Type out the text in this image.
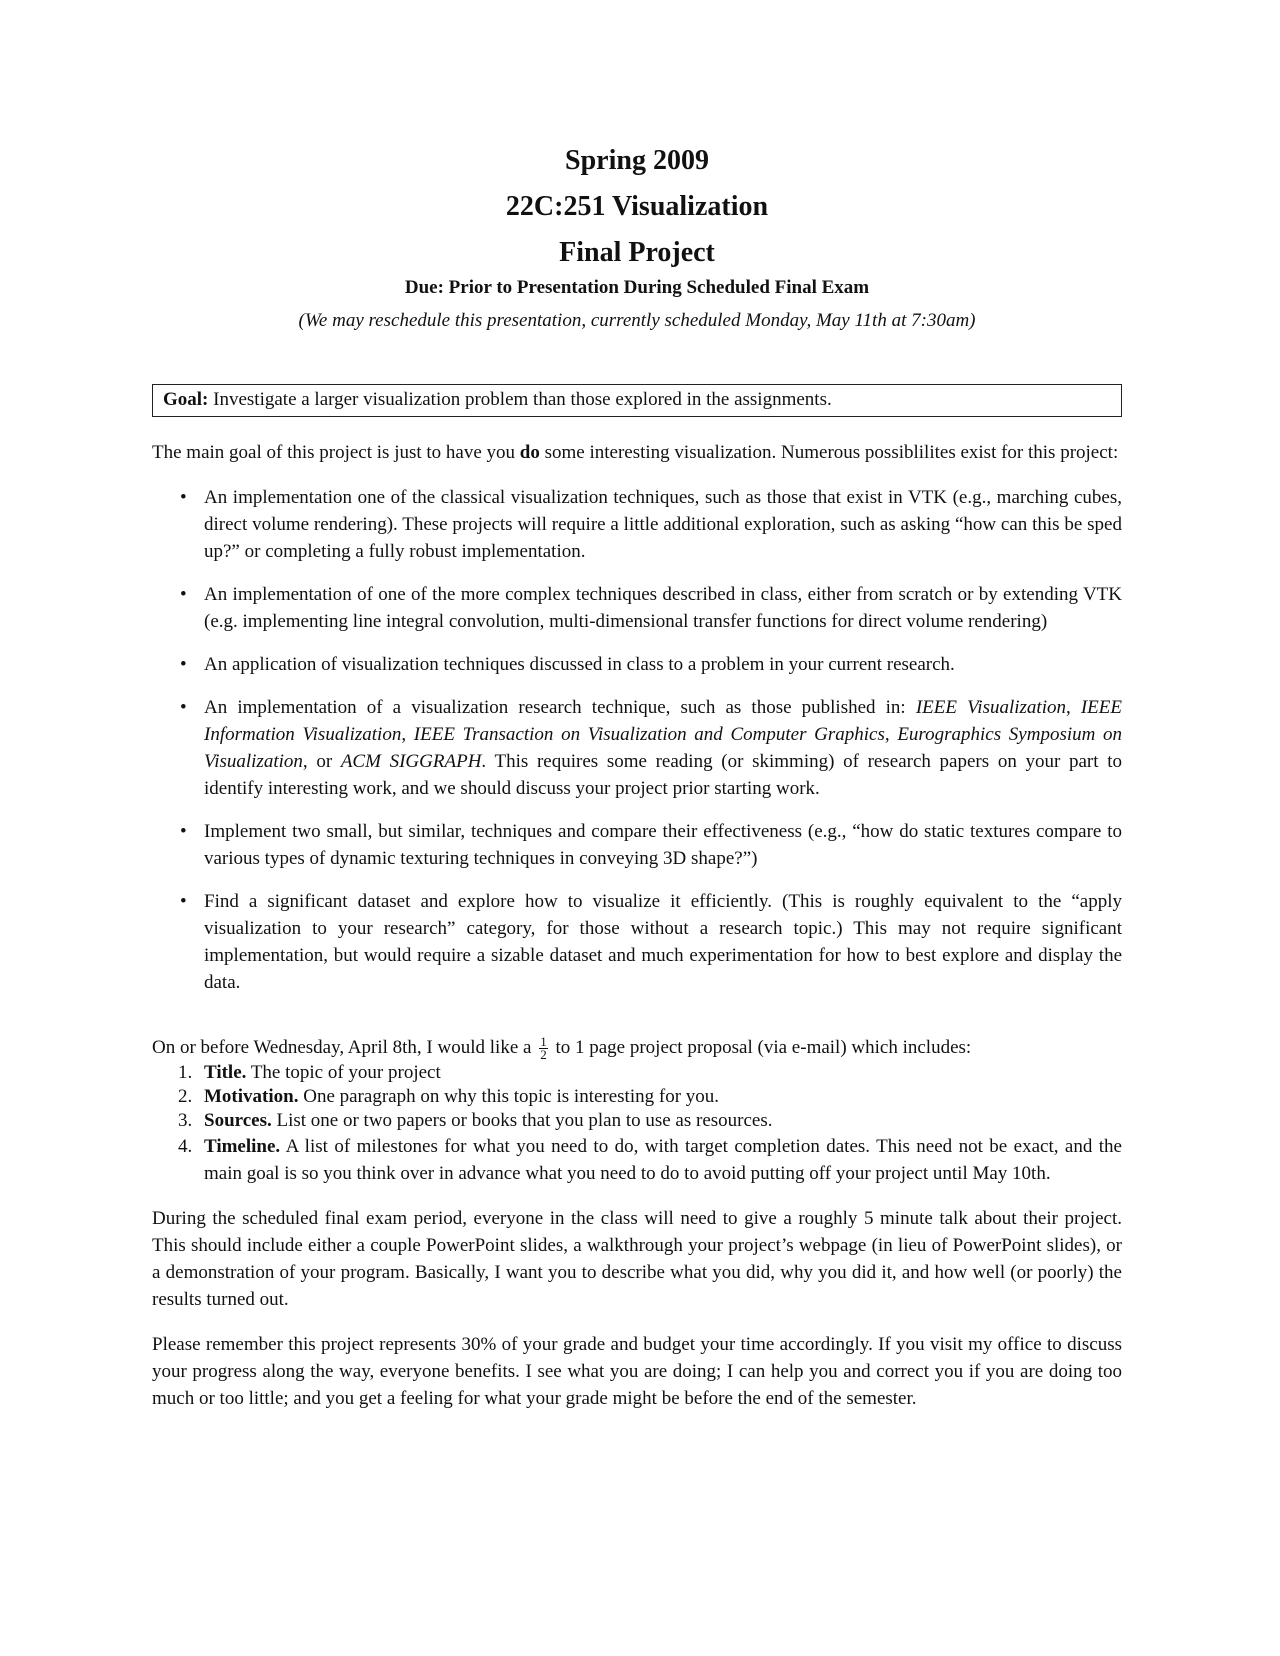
Spring 2009
22C:251 Visualization
Final Project
Due: Prior to Presentation During Scheduled Final Exam
(We may reschedule this presentation, currently scheduled Monday, May 11th at 7:30am)
Goal: Investigate a larger visualization problem than those explored in the assignments.

The main goal of this project is just to have you do some interesting visualization. Numerous possiblilites exist for this project:

• An implementation one of the classical visualization techniques, such as those that exist in VTK (e.g., marching cubes, direct volume rendering). These projects will require a little additional exploration, such as asking “how can this be sped up?” or completing a fully robust implementation.
• An implementation of one of the more complex techniques described in class, either from scratch or by extending VTK (e.g. implementing line integral convolution, multi-dimensional transfer functions for direct volume rendering)
• An application of visualization techniques discussed in class to a problem in your current research.
• An implementation of a visualization research technique, such as those published in: IEEE Visualization, IEEE Information Visualization, IEEE Transaction on Visualization and Computer Graphics, Eurographics Symposium on Visualization, or ACM SIGGRAPH. This requires some reading (or skimming) of research papers on your part to identify interesting work, and we should discuss your project prior starting work.
• Implement two small, but similar, techniques and compare their effectiveness (e.g., “how do static textures compare to various types of dynamic texturing techniques in conveying 3D shape?”)
• Find a significant dataset and explore how to visualize it efficiently. (This is roughly equivalent to the “apply visualization to your research” category, for those without a research topic.) This may not require significant implementation, but would require a sizable dataset and much experimentation for how to best explore and display the data.

On or before Wednesday, April 8th, I would like a $\frac{1}{2}$ to 1 page project proposal (via e-mail) which includes:

1. Title. The topic of your project
2. Motivation. One paragraph on why this topic is interesting for you.
3. Sources. List one or two papers or books that you plan to use as resources.
4. Timeline. A list of milestones for what you need to do, with target completion dates. This need not be exact, and the main goal is so you think over in advance what you need to do to avoid putting off your project until May 10th.

During the scheduled final exam period, everyone in the class will need to give a roughly 5 minute talk about their project. This should include either a couple PowerPoint slides, a walkthrough your project’s webpage (in lieu of PowerPoint slides), or a demonstration of your program. Basically, I want you to describe what you did, why you did it, and how well (or poorly) the results turned out.

Please remember this project represents 30% of your grade and budget your time accordingly. If you visit my office to discuss your progress along the way, everyone benefits. I see what you are doing; I can help you and correct you if you are doing too much or too little; and you get a feeling for what your grade might be before the end of the semester.
